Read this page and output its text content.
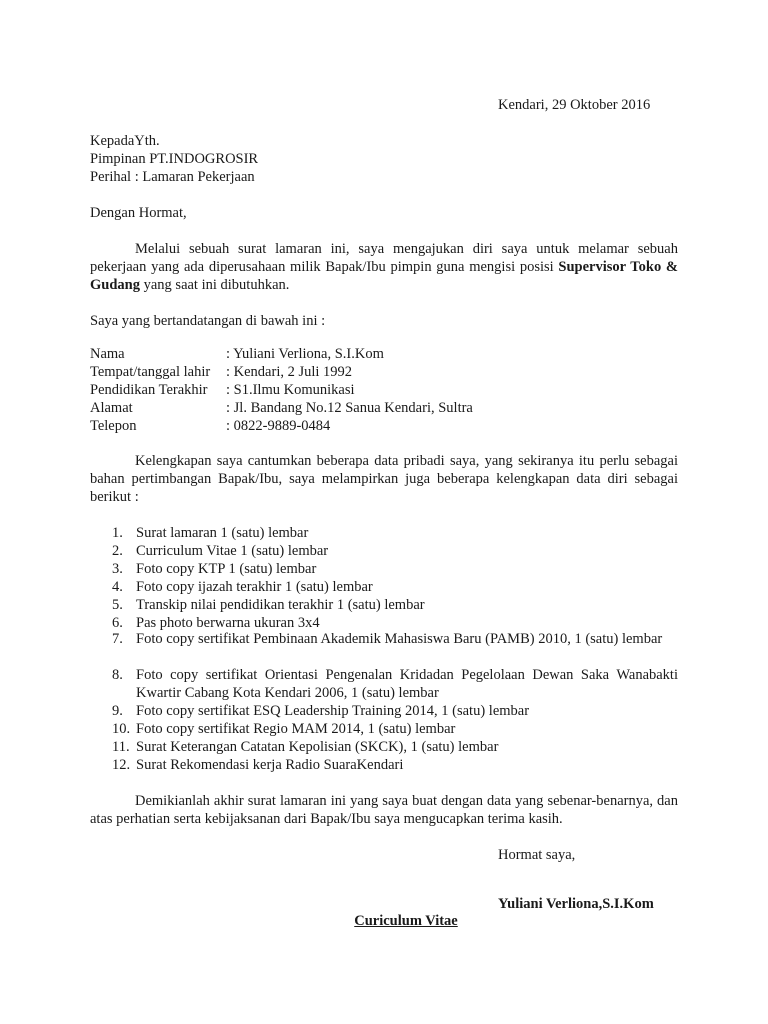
Kendari, 29 Oktober 2016
KepadaYth.
Pimpinan PT.INDOGROSIR
Perihal : Lamaran Pekerjaan
Dengan Hormat,
Melalui sebuah surat lamaran ini, saya mengajukan diri saya untuk melamar sebuah pekerjaan yang ada diperusahaan milik Bapak/Ibu pimpin guna mengisi posisi Supervisor Toko & Gudang yang saat ini dibutuhkan.
Saya yang bertandatangan di bawah ini :
Nama	: Yuliani Verliona, S.I.Kom
Tempat/tanggal lahir : Kendari, 2 Juli 1992
Pendidikan Terakhir : S1.Ilmu Komunikasi
Alamat	: Jl. Bandang No.12 Sanua Kendari, Sultra
Telepon	: 0822-9889-0484
Kelengkapan saya cantumkan beberapa data pribadi saya, yang sekiranya itu perlu sebagai bahan pertimbangan Bapak/Ibu, saya melampirkan juga beberapa kelengkapan data diri sebagai berikut :
1. Surat lamaran 1 (satu) lembar
2. Curriculum Vitae 1 (satu) lembar
3. Foto copy KTP 1 (satu) lembar
4. Foto copy ijazah terakhir 1 (satu) lembar
5. Transkip nilai pendidikan terakhir 1 (satu) lembar
6. Pas photo berwarna ukuran 3x4
7. Foto copy sertifikat Pembinaan Akademik Mahasiswa Baru (PAMB) 2010, 1 (satu) lembar
8. Foto copy sertifikat Orientasi Pengenalan Kridadan Pegelolaan Dewan Saka Wanabakti Kwartir Cabang Kota Kendari 2006, 1 (satu) lembar
9. Foto copy sertifikat ESQ Leadership Training 2014, 1 (satu) lembar
10. Foto copy sertifikat Regio MAM 2014, 1 (satu) lembar
11. Surat Keterangan Catatan Kepolisian (SKCK), 1 (satu) lembar
12. Surat Rekomendasi kerja Radio SuaraKendari
Demikianlah akhir surat lamaran ini yang saya buat dengan data yang sebenar-benarnya, dan atas perhatian serta kebijaksanan dari Bapak/Ibu saya mengucapkan terima kasih.
Hormat saya,
Yuliani Verliona,S.I.Kom
Curiculum Vitae
